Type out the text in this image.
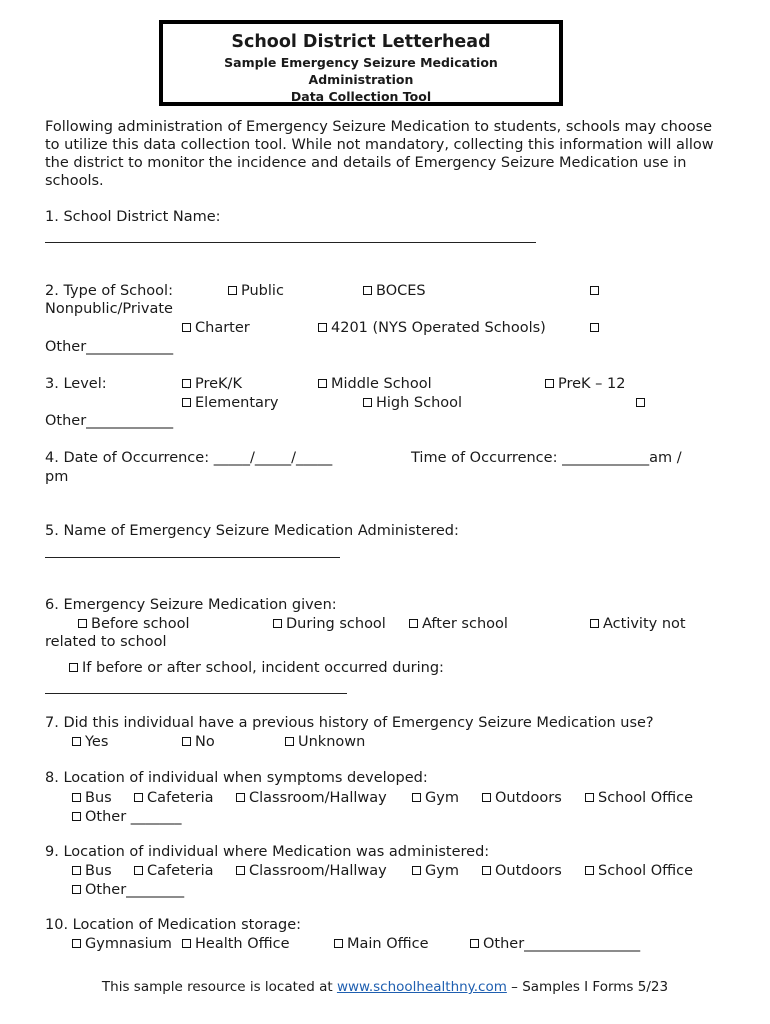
School District Letterhead
Sample Emergency Seizure Medication
Administration
Data Collection Tool
Following administration of Emergency Seizure Medication to students, schools may choose to utilize this data collection tool. While not mandatory, collecting this information will allow the district to monitor the incidence and details of Emergency Seizure Medication use in schools.
1. School District Name:
2. Type of School:	Public	BOCES
Nonpublic/Private
Charter	4201 (NYS Operated Schools)
Other____________
3. Level:	PreK/K	Middle School	PreK – 12
Elementary	High School
Other____________
4. Date of Occurrence: _____/_____/_____	Time of Occurrence: ____________am /
pm
5. Name of Emergency Seizure Medication Administered:
6. Emergency Seizure Medication given:
Before school	During school	After school	Activity not
related to school
If before or after school, incident occurred during:
7. Did this individual have a previous history of Emergency Seizure Medication use?
Yes	No	Unknown
8. Location of individual when symptoms developed:
Bus	Cafeteria	Classroom/Hallway	Gym	Outdoors	School Office
Other _______
9. Location of individual where Medication was administered:
Bus	Cafeteria	Classroom/Hallway	Gym	Outdoors	School Office
Other________
10. Location of Medication storage:
Gymnasium	Health Office	Main Office	Other________________
This sample resource is located at www.schoolhealthny.com – Samples I Forms 5/23
